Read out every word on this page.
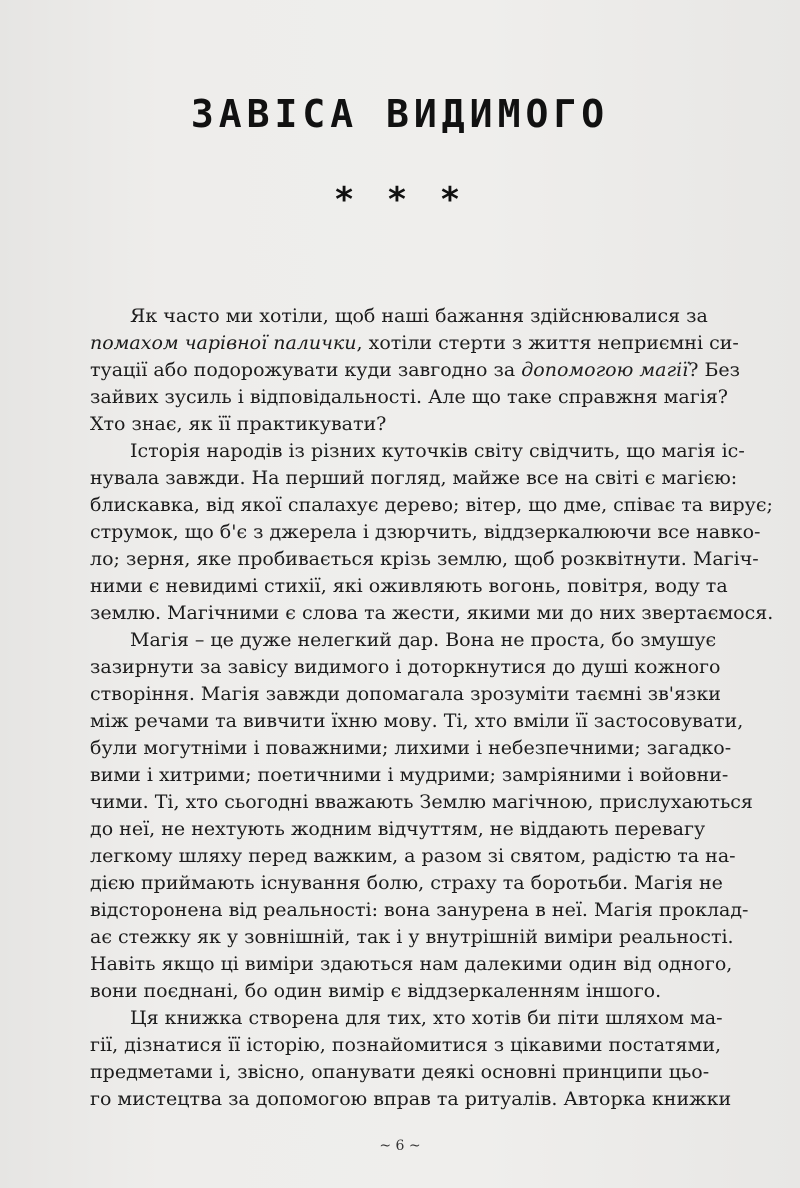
ЗАВІСА ВИДИМОГО
* * *
Як часто ми хотіли, щоб наші бажання здійснювалися за
помахом чарівної палички, хотіли стерти з життя неприємні си-
туації або подорожувати куди завгодно за допомогою магії? Без
зайвих зусиль і відповідальності. Але що таке справжня магія?
Хто знає, як її практикувати?
Історія народів із різних куточків світу свідчить, що магія іс-
нувала завжди. На перший погляд, майже все на світі є магією:
блискавка, від якої спалахує дерево; вітер, що дме, співає та вирує;
струмок, що б'є з джерела і дзюрчить, віддзеркалюючи все навко-
ло; зерня, яке пробивається крізь землю, щоб розквітнути. Магіч-
ними є невидимі стихії, які оживляють вогонь, повітря, воду та
землю. Магічними є слова та жести, якими ми до них звертаємося.
Магія – це дуже нелегкий дар. Вона не проста, бо змушує
зазирнути за завісу видимого і доторкнутися до душі кожного
створіння. Магія завжди допомагала зрозуміти таємні зв'язки
між речами та вивчити їхню мову. Ті, хто вміли її застосовувати,
були могутніми і поважними; лихими і небезпечними; загадко-
вими і хитрими; поетичними і мудрими; замріяними і войовни-
чими. Ті, хто сьогодні вважають Землю магічною, прислухаються
до неї, не нехтують жодним відчуттям, не віддають перевагу
легкому шляху перед важким, а разом зі святом, радістю та на-
дією приймають існування болю, страху та боротьби. Магія не
відсторонена від реальності: вона занурена в неї. Магія проклад-
ає стежку як у зовнішній, так і у внутрішній виміри реальності.
Навіть якщо ці виміри здаються нам далекими один від одного,
вони поєднані, бо один вимір є віддзеркаленням іншого.
Ця книжка створена для тих, хто хотів би піти шляхом ма-
гії, дізнатися її історію, познайомитися з цікавими постатями,
предметами і, звісно, опанувати деякі основні принципи цьо-
го мистецтва за допомогою вправ та ритуалів. Авторка книжки
~ 6 ~
